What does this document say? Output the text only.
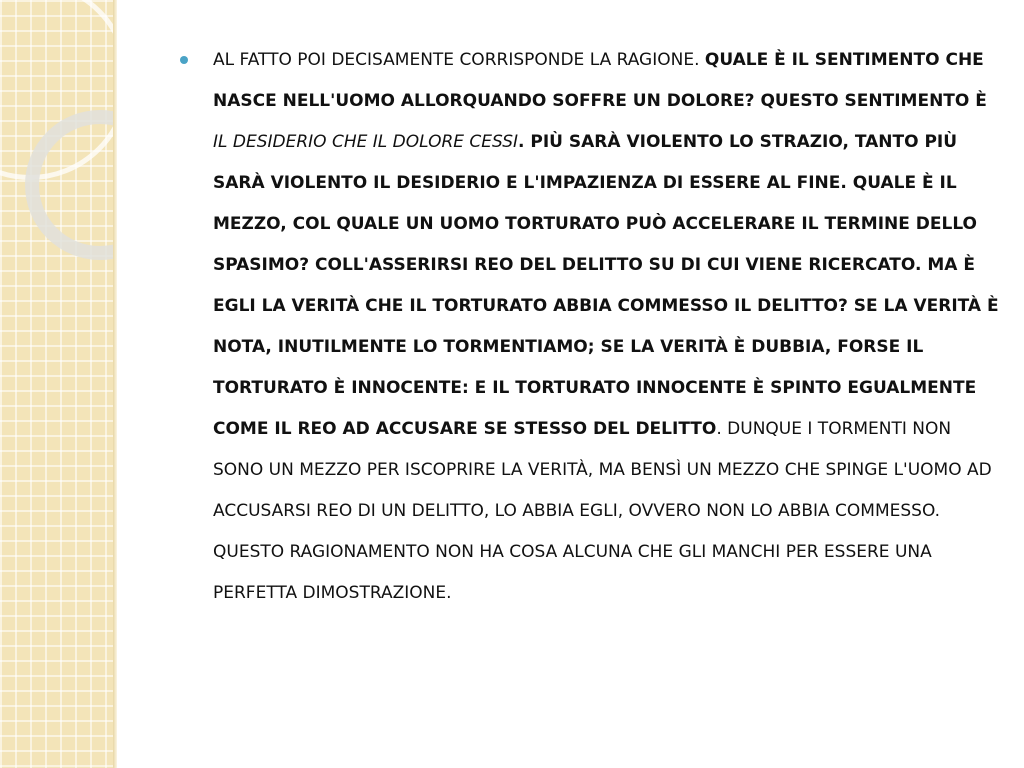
AL FATTO POI DECISAMENTE CORRISPONDE LA RAGIONE. QUALE È IL SENTIMENTO CHE NASCE NELL'UOMO ALLORQUANDO SOFFRE UN DOLORE? QUESTO SENTIMENTO È IL DESIDERIO CHE IL DOLORE CESSI. PIÙ SARÀ VIOLENTO LO STRAZIO, TANTO PIÙ SARÀ VIOLENTO IL DESIDERIO E L'IMPAZIENZA DI ESSERE AL FINE. QUALE È IL MEZZO, COL QUALE UN UOMO TORTURATO PUÒ ACCELERARE IL TERMINE DELLO SPASIMO? COLL'ASSERIRSI REO DEL DELITTO SU DI CUI VIENE RICERCATO. MA È EGLI LA VERITÀ CHE IL TORTURATO ABBIA COMMESSO IL DELITTO? SE LA VERITÀ È NOTA, INUTILMENTE LO TORMENTIAMO; SE LA VERITÀ È DUBBIA, FORSE IL TORTURATO È INNOCENTE: E IL TORTURATO INNOCENTE È SPINTO EGUALMENTE COME IL REO AD ACCUSARE SE STESSO DEL DELITTO. DUNQUE I TORMENTI NON SONO UN MEZZO PER ISCOPRIRE LA VERITÀ, MA BENSÌ UN MEZZO CHE SPINGE L'UOMO AD ACCUSARSI REO DI UN DELITTO, LO ABBIA EGLI, OVVERO NON LO ABBIA COMMESSO. QUESTO RAGIONAMENTO NON HA COSA ALCUNA CHE GLI MANCHI PER ESSERE UNA PERFETTA DIMOSTRAZIONE.
